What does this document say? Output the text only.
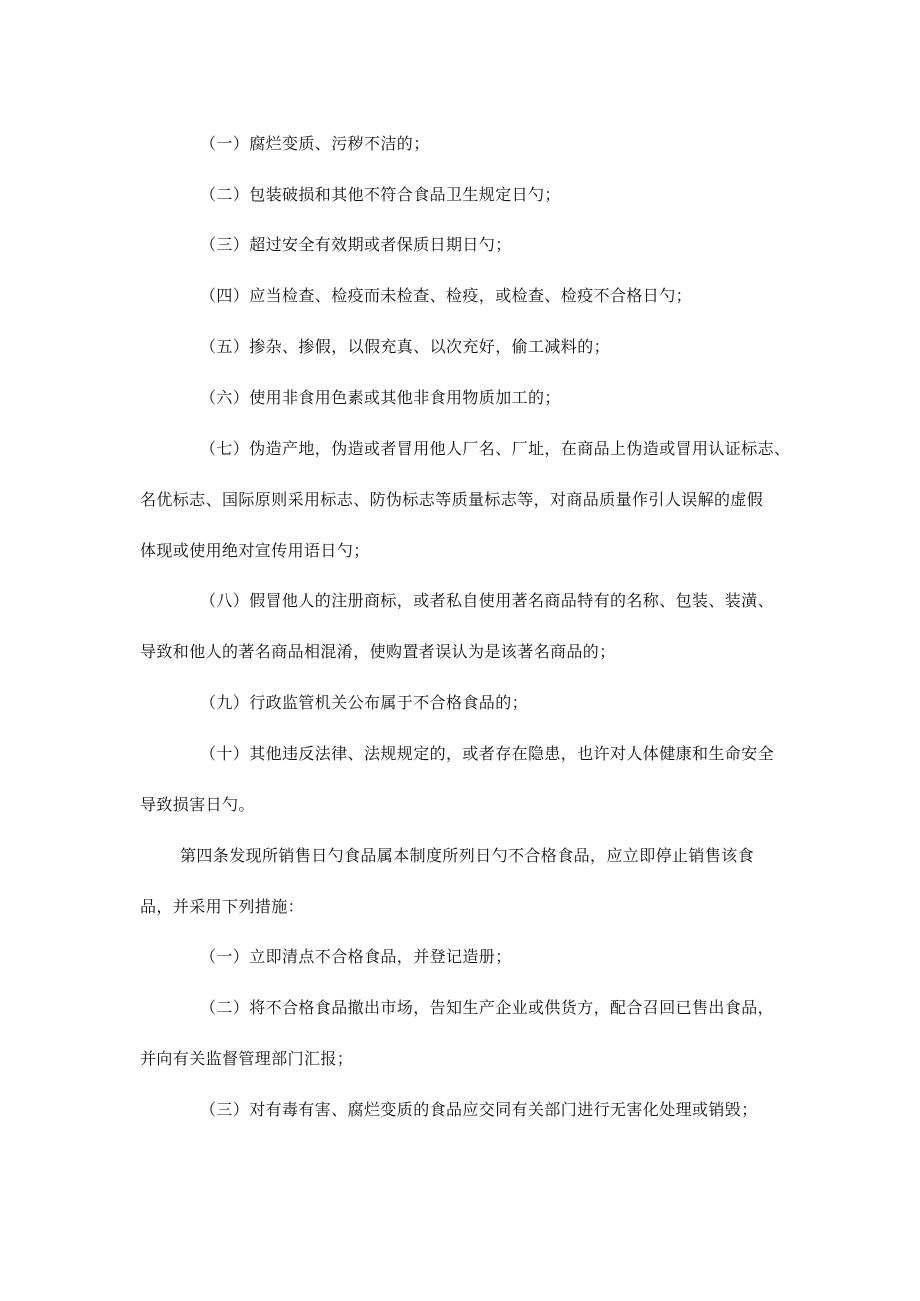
（一）腐烂变质、污秽不洁的；
（二）包装破损和其他不符合食品卫生规定日勺；
（三）超过安全有效期或者保质日期日勺；
（四）应当检查、检疫而未检查、检疫，或检查、检疫不合格日勺；
（五）掺杂、掺假，以假充真、以次充好，偷工减料的；
（六）使用非食用色素或其他非食用物质加工的；
（七）伪造产地，伪造或者冒用他人厂名、厂址，在商品上伪造或冒用认证标志、
名优标志、国际原则采用标志、防伪标志等质量标志等，对商品质量作引人误解的虚假
体现或使用绝对宣传用语日勺；
（八）假冒他人的注册商标，或者私自使用著名商品特有的名称、包装、装潢、
导致和他人的著名商品相混淆，使购置者误认为是该著名商品的；
（九）行政监管机关公布属于不合格食品的；
（十）其他违反法律、法规规定的，或者存在隐患，也许对人体健康和生命安全
导致损害日勺。
第四条发现所销售日勺食品属本制度所列日勺不合格食品，应立即停止销售该食
品，并采用下列措施：
（一）立即清点不合格食品，并登记造册；
（二）将不合格食品撤出市场，告知生产企业或供货方，配合召回已售出食品，
并向有关监督管理部门汇报；
（三）对有毒有害、腐烂变质的食品应交同有关部门进行无害化处理或销毁；
